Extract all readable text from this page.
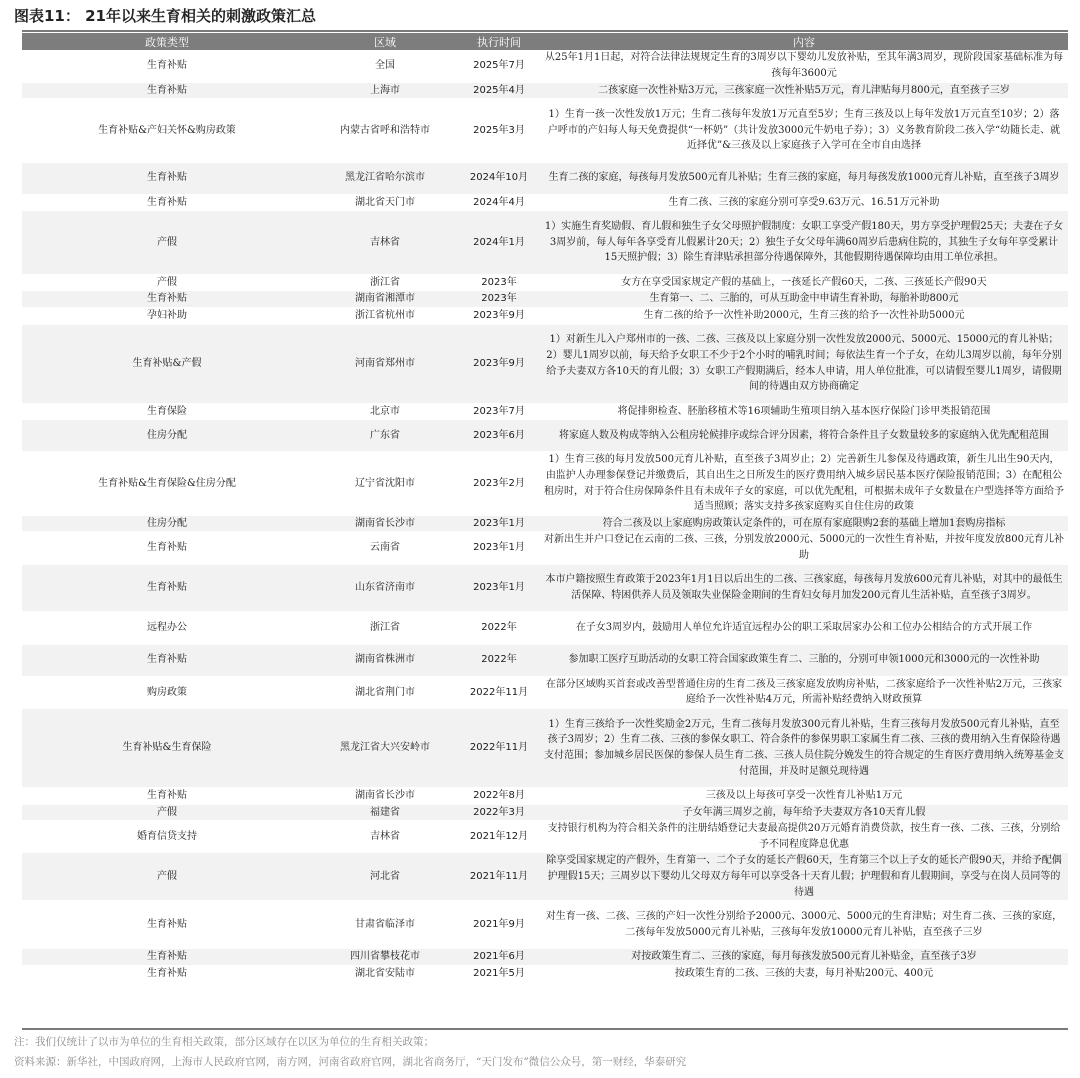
图表11： 21年以来生育相关的刺激政策汇总
政策类型	区域	执行时间	内容
生育补贴	全国	2025年7月	从25年1月1日起，对符合法律法规规定生育的3周岁以下婴幼儿发放补贴，至其年满3周岁，现阶段国家基础标准为每孩每年3600元
生育补贴	上海市	2025年4月	二孩家庭一次性补贴3万元，三孩家庭一次性补贴5万元，育儿津贴每月800元，直至孩子三岁
生育补贴&产妇关怀&购房政策	内蒙古省呼和浩特市	2025年3月	1）生育一孩一次性发放1万元；生育二孩每年发放1万元直至5岁；生育三孩及以上每年发放1万元直至10岁；2）落户呼市的产妇每人每天免费提供“一杯奶”（共计发放3000元牛奶电子券）；3）义务教育阶段二孩入学“幼随长走、就近择优”&三孩及以上家庭孩子入学可在全市自由选择
生育补贴	黑龙江省哈尔滨市	2024年10月	生育二孩的家庭，每孩每月发放500元育儿补贴；生育三孩的家庭，每月每孩发放1000元育儿补贴，直至孩子3周岁
生育补贴	湖北省天门市	2024年4月	生育二孩、三孩的家庭分别可享受9.63万元、16.51万元补助
产假	吉林省	2024年1月	1）实施生育奖励假、育儿假和独生子女父母照护假制度：女职工享受产假180天，男方享受护理假25天；夫妻在子女3周岁前，每人每年各享受育儿假累计20天；2）独生子女父母年满60周岁后患病住院的，其独生子女每年享受累计15天照护假；3）除生育津贴承担部分待遇保障外，其他假期待遇保障均由用工单位承担。
产假	浙江省	2023年	女方在享受国家规定产假的基础上，一孩延长产假60天，二孩、三孩延长产假90天
生育补贴	湖南省湘潭市	2023年	生育第一、二、三胎的，可从互助金中申请生育补助，每胎补助800元
孕妇补助	浙江省杭州市	2023年9月	生育二孩的给予一次性补助2000元，生育三孩的给予一次性补助5000元
生育补贴&产假	河南省郑州市	2023年9月	1）对新生儿入户郑州市的一孩、二孩、三孩及以上家庭分别一次性发放2000元、5000元、15000元的育儿补贴；2）婴儿1周岁以前，每天给予女职工不少于2个小时的哺乳时间；每依法生育一个子女，在幼儿3周岁以前，每年分别给予夫妻双方各10天的育儿假；3）女职工产假期满后，经本人申请，用人单位批准，可以请假至婴儿1周岁，请假期间的待遇由双方协商确定
生育保险	北京市	2023年7月	将促排卵检查、胚胎移植术等16项辅助生殖项目纳入基本医疗保险门诊甲类报销范围
住房分配	广东省	2023年6月	将家庭人数及构成等纳入公租房轮候排序或综合评分因素，将符合条件且子女数量较多的家庭纳入优先配租范围
生育补贴&生育保险&住房分配	辽宁省沈阳市	2023年2月	1）生育三孩的每月发放500元育儿补贴，直至孩子3周岁止；2）完善新生儿参保及待遇政策，新生儿出生90天内，由监护人办理参保登记并缴费后，其自出生之日所发生的医疗费用纳入城乡居民基本医疗保险报销范围；3）在配租公租房时，对于符合住房保障条件且有未成年子女的家庭，可以优先配租，可根据未成年子女数量在户型选择等方面给予适当照顾；落实支持多孩家庭购买自住住房的政策
住房分配	湖南省长沙市	2023年1月	符合二孩及以上家庭购房政策认定条件的，可在原有家庭限购2套的基础上增加1套购房指标
生育补贴	云南省	2023年1月	对新出生并户口登记在云南的二孩、三孩，分别发放2000元、5000元的一次性生育补贴，并按年度发放800元育儿补助
生育补贴	山东省济南市	2023年1月	本市户籍按照生育政策于2023年1月1日以后出生的二孩、三孩家庭，每孩每月发放600元育儿补贴，对其中的最低生活保障、特困供养人员及领取失业保险金期间的生育妇女每月加发200元育儿生活补贴，直至孩子3周岁。
远程办公	浙江省	2022年	在子女3周岁内，鼓励用人单位允许适宜远程办公的职工采取居家办公和工位办公相结合的方式开展工作
生育补贴	湖南省株洲市	2022年	参加职工医疗互助活动的女职工符合国家政策生育二、三胎的，分别可申领1000元和3000元的一次性补助
购房政策	湖北省荆门市	2022年11月	在部分区域购买首套或改善型普通住房的生育二孩及三孩家庭发放购房补贴，二孩家庭给予一次性补贴2万元，三孩家庭给予一次性补贴4万元，所需补贴经费纳入财政预算
生育补贴&生育保险	黑龙江省大兴安岭市	2022年11月	1）生育三孩给予一次性奖励金2万元，生育二孩每月发放300元育儿补贴，生育三孩每月发放500元育儿补贴，直至孩子3周岁；2）生育二孩、三孩的参保女职工、符合条件的参保男职工家属生育二孩、三孩的费用纳入生育保险待遇支付范围；参加城乡居民医保的参保人员生育二孩、三孩人员住院分娩发生的符合规定的生育医疗费用纳入统筹基金支付范围，并及时足额兑现待遇
生育补贴	湖南省长沙市	2022年8月	三孩及以上每孩可享受一次性育儿补贴1万元
产假	福建省	2022年3月	子女年满三周岁之前，每年给予夫妻双方各10天育儿假
婚育信贷支持	吉林省	2021年12月	支持银行机构为符合相关条件的注册结婚登记夫妻最高提供20万元婚育消费贷款，按生育一孩、二孩、三孩，分别给予不同程度降息优惠
产假	河北省	2021年11月	除享受国家规定的产假外，生育第一、二个子女的延长产假60天，生育第三个以上子女的延长产假90天，并给予配偶护理假15天；三周岁以下婴幼儿父母双方每年可以享受各十天育儿假；护理假和育儿假期间，享受与在岗人员同等的待遇
生育补贴	甘肃省临泽市	2021年9月	对生育一孩、二孩、三孩的产妇一次性分别给予2000元、3000元、5000元的生育津贴；对生育二孩、三孩的家庭，二孩每年发放5000元育儿补贴，三孩每年发放10000元育儿补贴，直至孩子三岁
生育补贴	四川省攀枝花市	2021年6月	对按政策生育二、三孩的家庭，每月每孩发放500元育儿补贴金，直至孩子3岁
生育补贴	湖北省安陆市	2021年5月	按政策生育的二孩、三孩的夫妻，每月补贴200元、400元
注：我们仅统计了以市为单位的生育相关政策，部分区域存在以区为单位的生育相关政策；
资料来源：新华社，中国政府网，上海市人民政府官网，南方网，河南省政府官网，湖北省商务厅，“天门发布”微信公众号，第一财经，华泰研究
